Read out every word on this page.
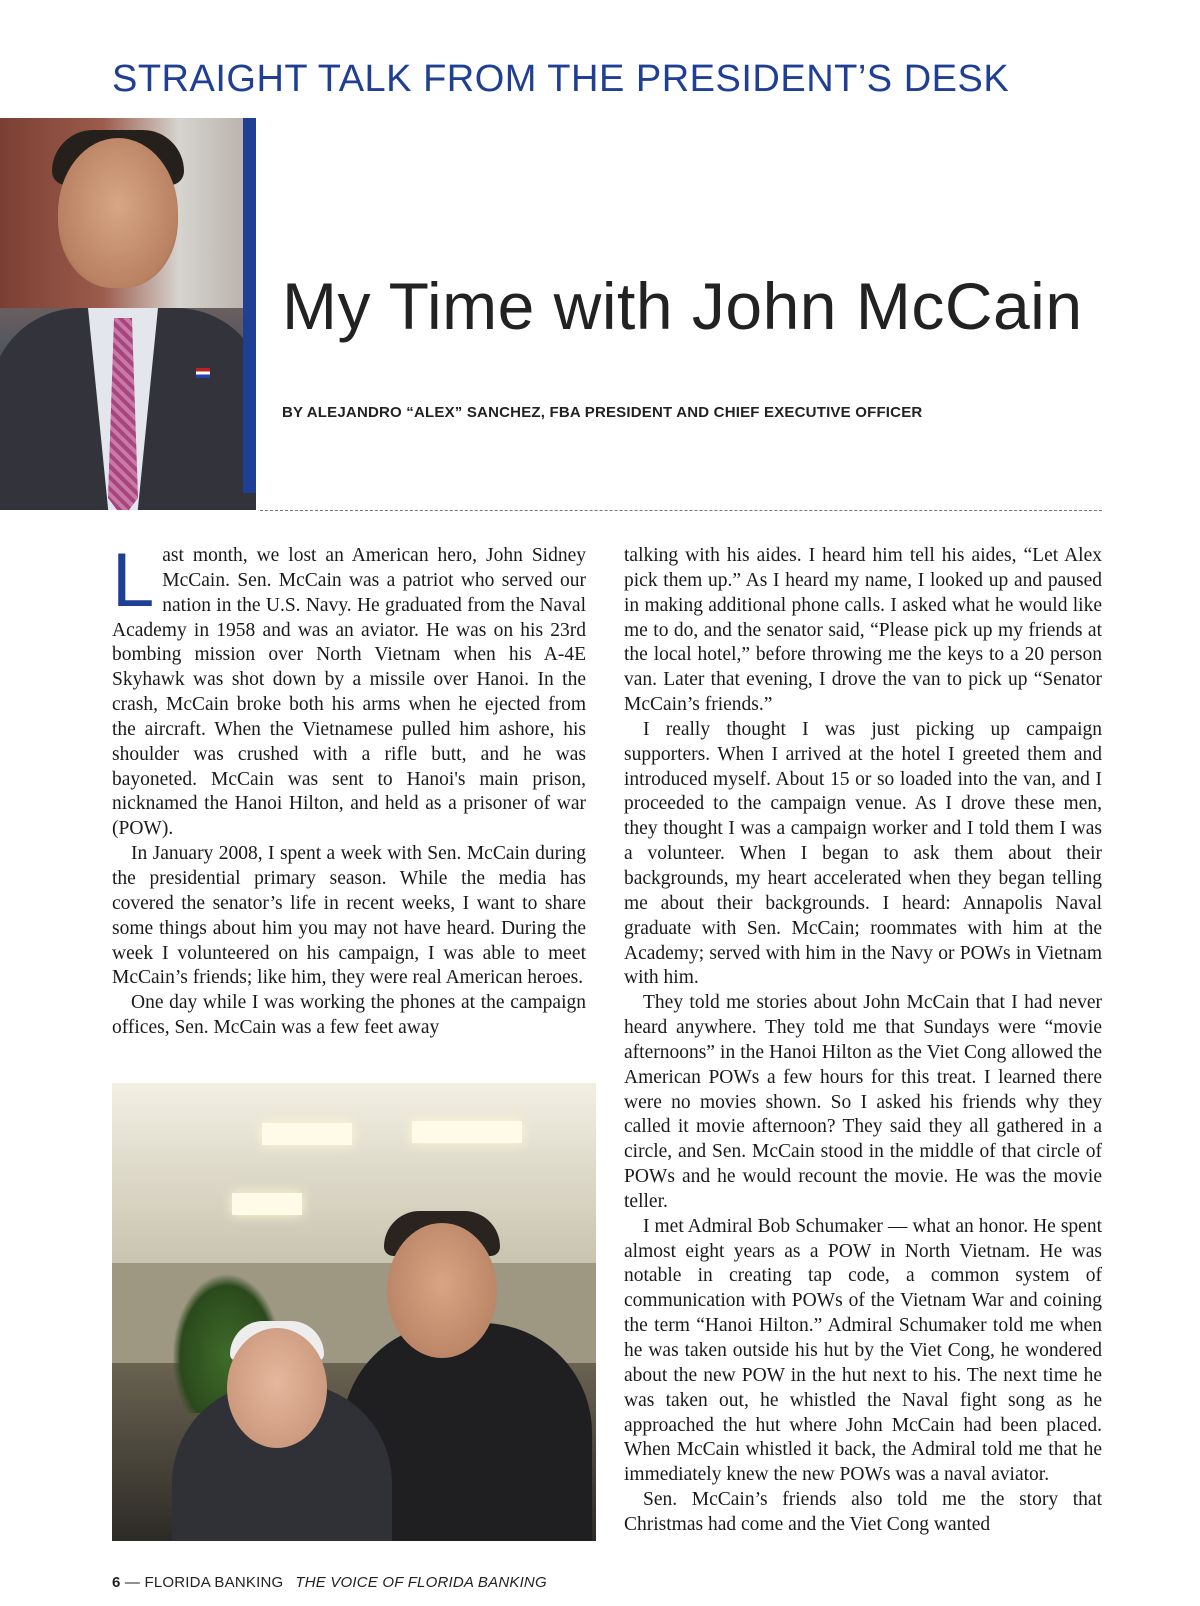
STRAIGHT TALK FROM THE PRESIDENT’S DESK
My Time with John McCain
BY ALEJANDRO “ALEX” SANCHEZ, FBA PRESIDENT AND CHIEF EXECUTIVE OFFICER

Last month, we lost an American hero, John Sidney McCain. Sen. McCain was a patriot who served our nation in the U.S. Navy. He graduated from the Naval Academy in 1958 and was an aviator. He was on his 23rd bombing mission over North Vietnam when his A-4E Skyhawk was shot down by a missile over Hanoi. In the crash, McCain broke both his arms when he ejected from the aircraft. When the Vietnamese pulled him ashore, his shoulder was crushed with a rifle butt, and he was bayoneted. McCain was sent to Hanoi's main prison, nicknamed the Hanoi Hilton, and held as a prisoner of war (POW).

In January 2008, I spent a week with Sen. McCain during the presidential primary season. While the media has covered the senator’s life in recent weeks, I want to share some things about him you may not have heard. During the week I volunteered on his campaign, I was able to meet McCain’s friends; like him, they were real American heroes.

One day while I was working the phones at the campaign offices, Sen. McCain was a few feet away

talking with his aides. I heard him tell his aides, “Let Alex pick them up.” As I heard my name, I looked up and paused in making additional phone calls. I asked what he would like me to do, and the senator said, “Please pick up my friends at the local hotel,” before throwing me the keys to a 20 person van. Later that evening, I drove the van to pick up “Senator McCain’s friends.”

I really thought I was just picking up campaign supporters. When I arrived at the hotel I greeted them and introduced myself. About 15 or so loaded into the van, and I proceeded to the campaign venue. As I drove these men, they thought I was a campaign worker and I told them I was a volunteer. When I began to ask them about their backgrounds, my heart accelerated when they began telling me about their backgrounds. I heard: Annapolis Naval graduate with Sen. McCain; roommates with him at the Academy; served with him in the Navy or POWs in Vietnam with him.

They told me stories about John McCain that I had never heard anywhere. They told me that Sundays were “movie afternoons” in the Hanoi Hilton as the Viet Cong allowed the American POWs a few hours for this treat. I learned there were no movies shown. So I asked his friends why they called it movie afternoon? They said they all gathered in a circle, and Sen. McCain stood in the middle of that circle of POWs and he would recount the movie. He was the movie teller.

I met Admiral Bob Schumaker — what an honor. He spent almost eight years as a POW in North Vietnam. He was notable in creating tap code, a common system of communication with POWs of the Vietnam War and coining the term “Hanoi Hilton.” Admiral Schumaker told me when he was taken outside his hut by the Viet Cong, he wondered about the new POW in the hut next to his. The next time he was taken out, he whistled the Naval fight song as he approached the hut where John McCain had been placed. When McCain whistled it back, the Admiral told me that he immediately knew the new POWs was a naval aviator.

Sen. McCain’s friends also told me the story that Christmas had come and the Viet Cong wanted

6 — FLORIDA BANKING THE VOICE OF FLORIDA BANKING
